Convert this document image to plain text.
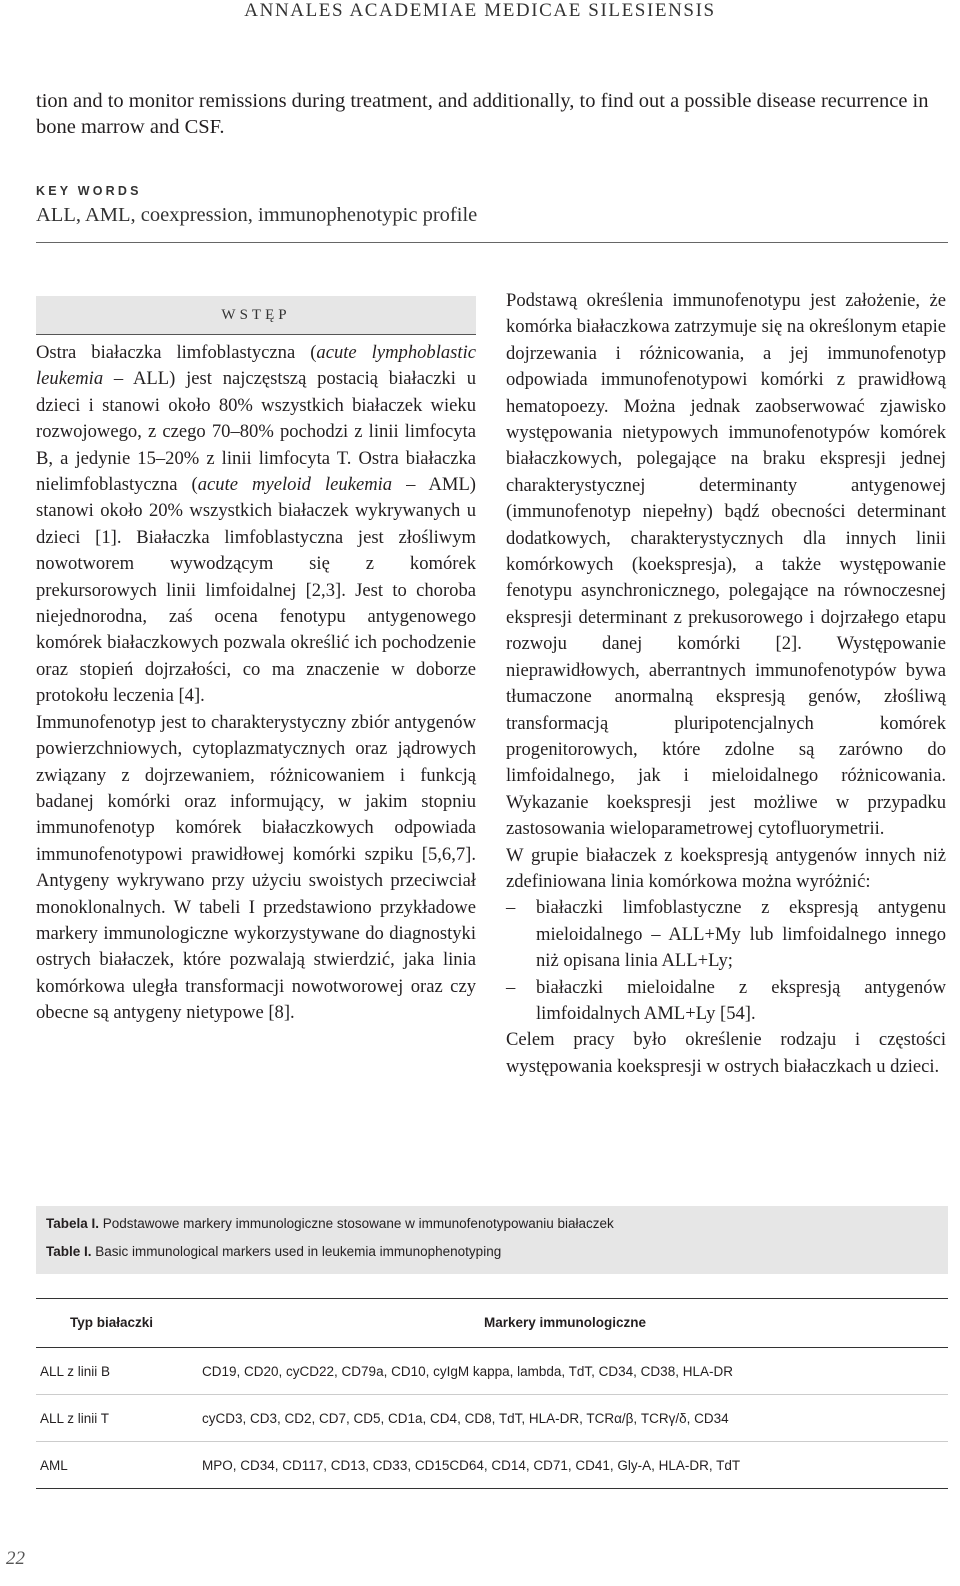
ANNALES ACADEMIAE MEDICAE SILESIENSIS

tion and to monitor remissions during treatment, and additionally, to find out a possible disease recurrence in bone marrow and CSF.

KEY WORDS

ALL, AML, coexpression, immunophenotypic profile

WSTĘP

Ostra białaczka limfoblastyczna (acute lymphoblastic leukemia – ALL) jest najczęstszą postacią białaczki u dzieci i stanowi około 80% wszystkich białaczek wieku rozwojowego, z czego 70–80% pochodzi z linii limfocyta B, a jedynie 15–20% z linii limfocyta T. Ostra białaczka nielimfoblastyczna (acute myeloid leukemia – AML) stanowi około 20% wszystkich białaczek wykrywanych u dzieci [1]. Białaczka limfoblastyczna jest złośliwym nowotworem wywodzącym się z komórek prekursorowych linii limfoidalnej [2,3]. Jest to choroba niejednorodna, zaś ocena fenotypu antygenowego komórek białaczkowych pozwala określić ich pochodzenie oraz stopień dojrzałości, co ma znaczenie w doborze protokołu leczenia [4].

Immunofenotyp jest to charakterystyczny zbiór antygenów powierzchniowych, cytoplazmatycznych oraz jądrowych związany z dojrzewaniem, różnicowaniem i funkcją badanej komórki oraz informujący, w jakim stopniu immunofenotyp komórek białaczkowych odpowiada immunofenotypowi prawidłowej komórki szpiku [5,6,7]. Antygeny wykrywano przy użyciu swoistych przeciwciał monoklonalnych. W tabeli I przedstawiono przykładowe markery immunologiczne wykorzystywane do diagnostyki ostrych białaczek, które pozwalają stwierdzić, jaka linia komórkowa uległa transformacji nowotworowej oraz czy obecne są antygeny nietypowe [8].

Podstawą określenia immunofenotypu jest założenie, że komórka białaczkowa zatrzymuje się na określonym etapie dojrzewania i różnicowania, a jej immunofenotyp odpowiada immunofenotypowi komórki z prawidłową hematopoezy. Można jednak zaobserwować zjawisko występowania nietypowych immunofenotypów komórek białaczkowych, polegające na braku ekspresji jednej charakterystycznej determinanty antygenowej (immunofenotyp niepełny) bądź obecności determinant dodatkowych, charakterystycznych dla innych linii komórkowych (koekspresja), a także występowanie fenotypu asynchronicznego, polegające na równoczesnej ekspresji determinant z prekusorowego i dojrzałego etapu rozwoju danej komórki [2]. Występowanie nieprawidłowych, aberrantnych immunofenotypów bywa tłumaczone anormalną ekspresją genów, złośliwą transformacją pluripotencjalnych komórek progenitorowych, które zdolne są zarówno do limfoidalnego, jak i mieloidalnego różnicowania. Wykazanie koekspresji jest możliwe w przypadku zastosowania wieloparametrowej cytofluorymetrii.

W grupie białaczek z koekspresją antygenów innych niż zdefiniowana linia komórkowa można wyróżnić:

– białaczki limfoblastyczne z ekspresją antygenu mieloidalnego – ALL+My lub limfoidalnego innego niż opisana linia ALL+Ly;
– białaczki mieloidalne z ekspresją antygenów limfoidalnych AML+Ly [54].

Celem pracy było określenie rodzaju i częstości występowania koekspresji w ostrych białaczkach u dzieci.

Tabela I. Podstawowe markery immunologiczne stosowane w immunofenotypowaniu białaczek
Table I. Basic immunological markers used in leukemia immunophenotyping
Typ białaczki	Markery immunologiczne
ALL z linii B	CD19, CD20, cyCD22, CD79a, CD10, cyIgM kappa, lambda, TdT, CD34, CD38, HLA-DR
ALL z linii T	cyCD3, CD3, CD2, CD7, CD5, CD1a, CD4, CD8, TdT, HLA-DR, TCRα/β, TCRγ/δ, CD34
AML	MPO, CD34, CD117, CD13, CD33, CD15CD64, CD14, CD71, CD41, Gly-A, HLA-DR, TdT
22
